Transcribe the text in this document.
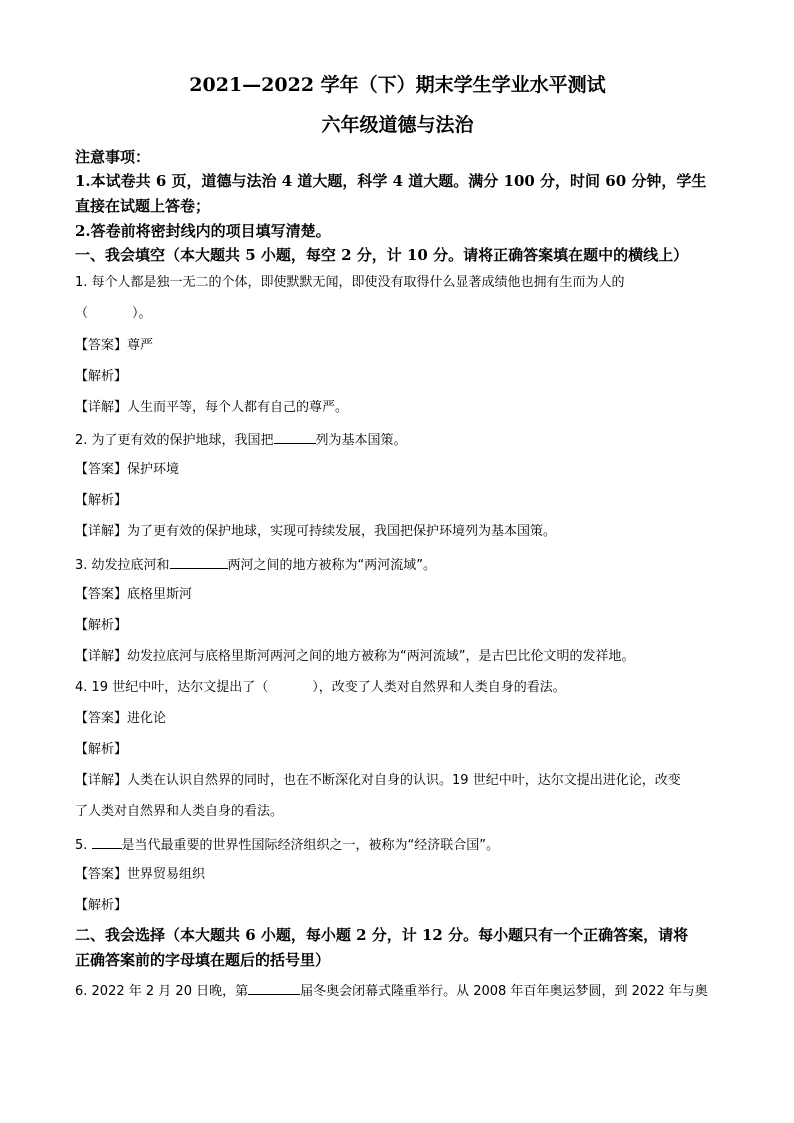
2021—2022 学年（下）期末学生学业水平测试
六年级道德与法治
注意事项：
1.本试卷共 6 页，道德与法治 4 道大题，科学 4 道大题。满分 100 分，时间 60 分钟，学生
直接在试题上答卷；
2.答卷前将密封线内的项目填写清楚。
一、我会填空（本大题共 5 小题，每空 2 分，计 10 分。请将正确答案填在题中的横线上）
1. 每个人都是独一无二的个体，即使默默无闻，即使没有取得什么显著成绩他也拥有生而为人的
（	）。
【答案】尊严
【解析】
【详解】人生而平等，每个人都有自己的尊严。
2. 为了更有效的保护地球，我国把	列为基本国策。
【答案】保护环境
【解析】
【详解】为了更有效的保护地球，实现可持续发展，我国把保护环境列为基本国策。
3. 幼发拉底河和	两河之间的地方被称为“两河流域”。
【答案】底格里斯河
【解析】
【详解】幼发拉底河与底格里斯河两河之间的地方被称为“两河流域”，是古巴比伦文明的发祥地。
4. 19 世纪中叶，达尔文提出了（	），改变了人类对自然界和人类自身的看法。
【答案】进化论
【解析】
【详解】人类在认识自然界的同时，也在不断深化对自身的认识。19 世纪中叶，达尔文提出进化论，改变
了人类对自然界和人类自身的看法。
5. 是当代最重要的世界性国际经济组织之一，被称为“经济联合国”。
【答案】世界贸易组织
【解析】
二、我会选择（本大题共 6 小题，每小题 2 分，计 12 分。每小题只有一个正确答案，请将
正确答案前的字母填在题后的括号里）
6. 2022 年 2 月 20 日晚，第	届冬奥会闭幕式隆重举行。从 2008 年百年奥运梦圆，到 2022 年与奥
